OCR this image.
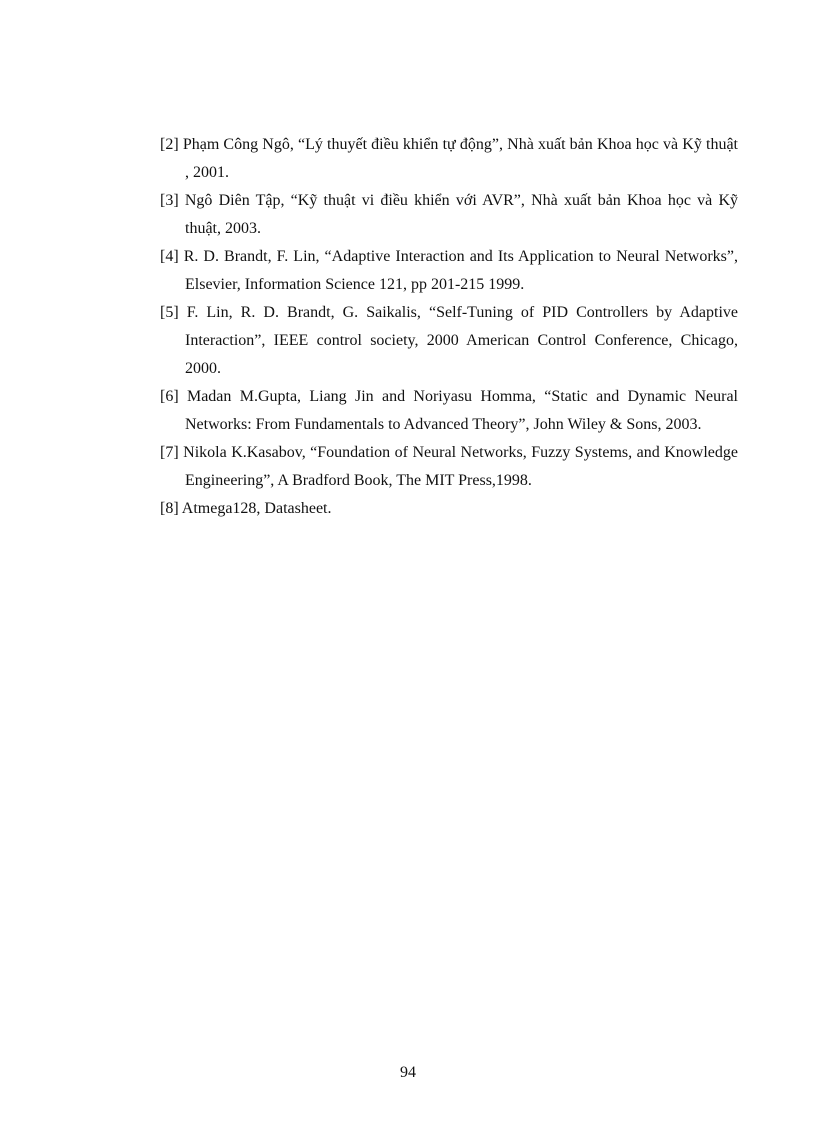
[2] Phạm Công Ngô, “Lý thuyết điều khiển tự động”, Nhà xuất bản Khoa học và Kỹ thuật , 2001.
[3] Ngô Diên Tập, “Kỹ thuật vi điều khiển với AVR”, Nhà xuất bản Khoa học và Kỹ thuật, 2003.
[4] R. D. Brandt, F. Lin, “Adaptive Interaction and Its Application to Neural Networks”, Elsevier, Information Science 121, pp 201-215 1999.
[5] F. Lin, R. D. Brandt, G. Saikalis, “Self-Tuning of PID Controllers by Adaptive Interaction”, IEEE control society, 2000 American Control Conference, Chicago, 2000.
[6] Madan M.Gupta, Liang Jin and Noriyasu Homma, “Static and Dynamic Neural Networks: From Fundamentals to Advanced Theory”, John Wiley & Sons, 2003.
[7] Nikola K.Kasabov, “Foundation of Neural Networks, Fuzzy Systems, and Knowledge Engineering”, A Bradford Book, The MIT Press,1998.
[8] Atmega128, Datasheet.
94
